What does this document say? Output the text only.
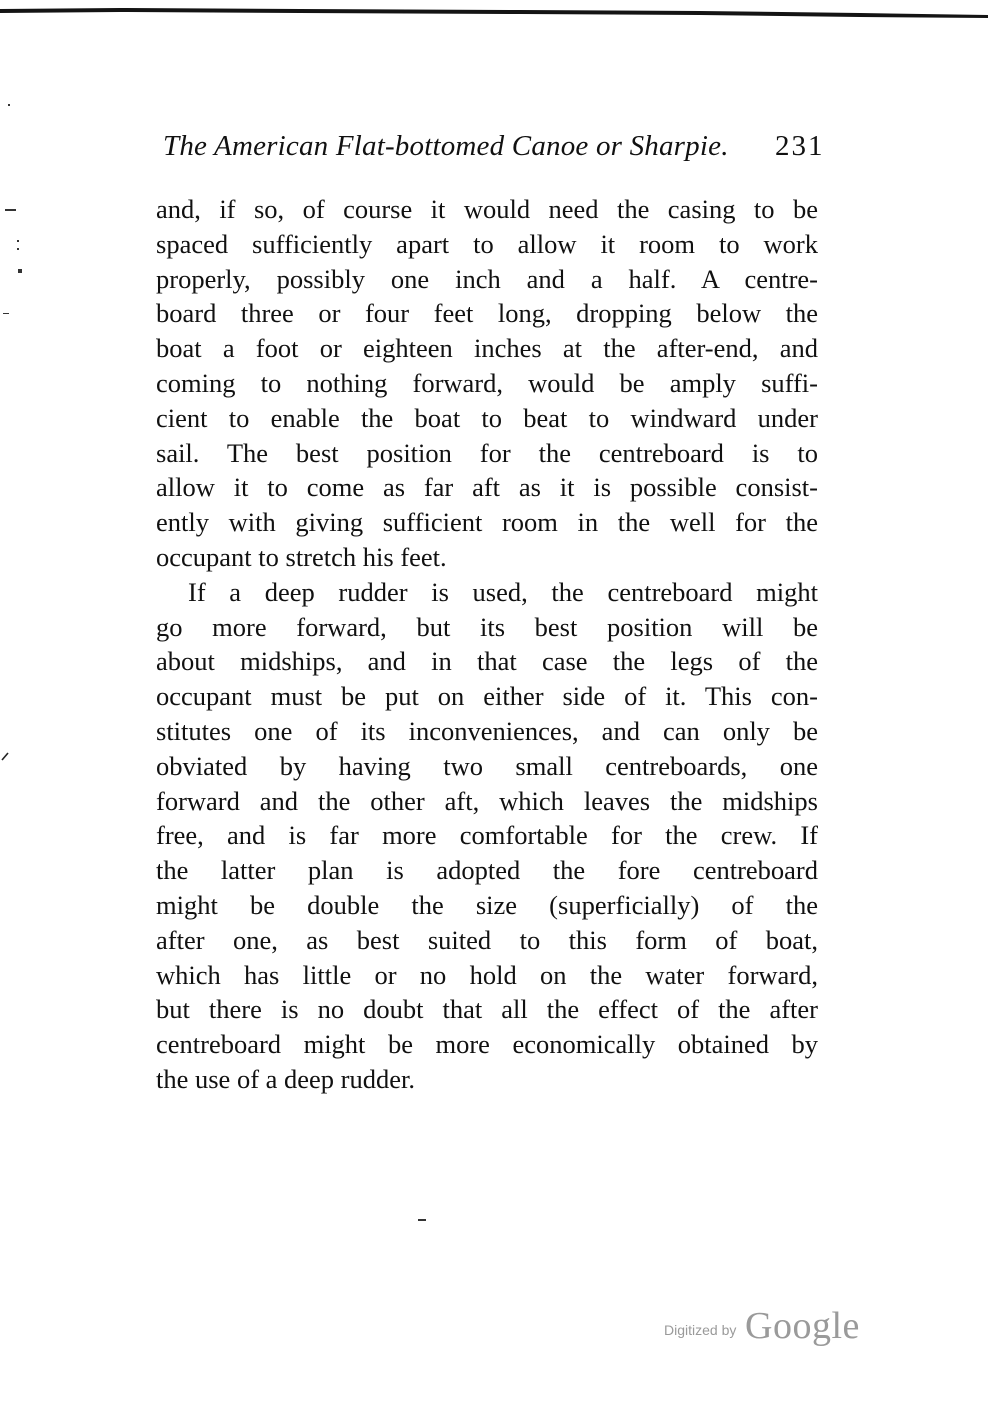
The American Flat-bottomed Canoe or Sharpie. 231
and, if so, of course it would need the casing to be
spaced sufficiently apart to allow it room to work
properly, possibly one inch and a half. A centre-
board three or four feet long, dropping below the
boat a foot or eighteen inches at the after-end, and
coming to nothing forward, would be amply suffi-
cient to enable the boat to beat to windward under
sail. The best position for the centreboard is to
allow it to come as far aft as it is possible consist-
ently with giving sufficient room in the well for the
occupant to stretch his feet.
If a deep rudder is used, the centreboard might
go more forward, but its best position will be
about midships, and in that case the legs of the
occupant must be put on either side of it. This con-
stitutes one of its inconveniences, and can only be
obviated by having two small centreboards, one
forward and the other aft, which leaves the midships
free, and is far more comfortable for the crew. If
the latter plan is adopted the fore centreboard
might be double the size (superficially) of the
after one, as best suited to this form of boat,
which has little or no hold on the water forward,
but there is no doubt that all the effect of the after
centreboard might be more economically obtained by
the use of a deep rudder.
Digitized by Google
